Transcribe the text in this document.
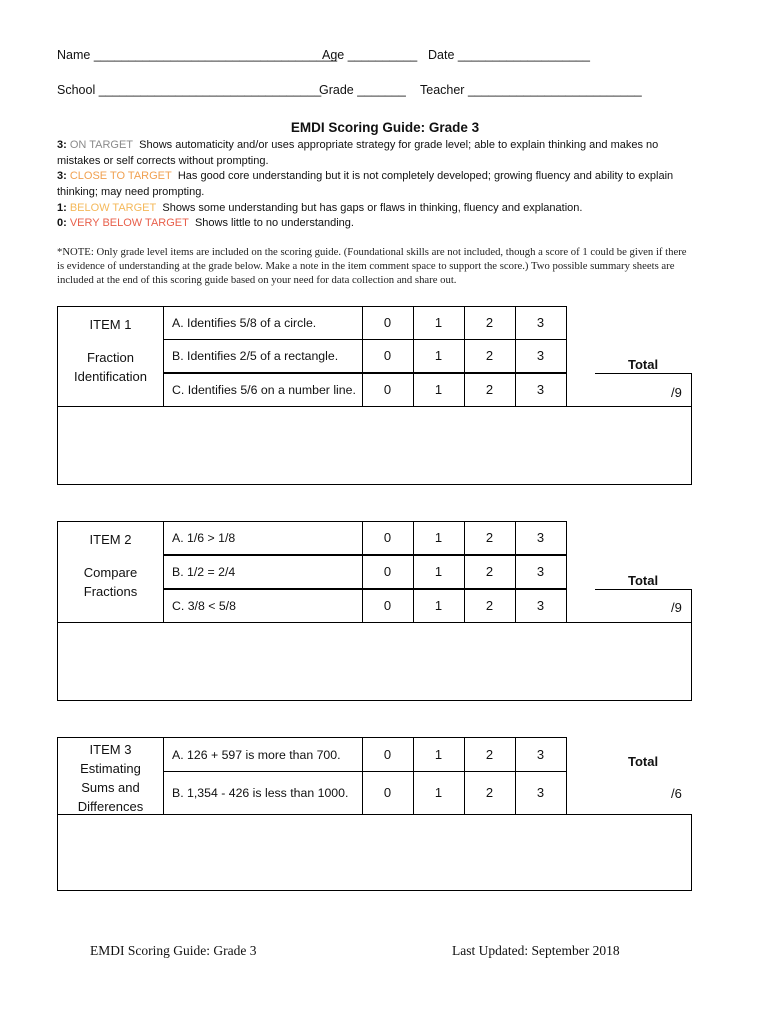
Name ___________________________________

Age __________

Date ___________________

School ________________________________

Grade _______

Teacher _________________________

EMDI Scoring Guide: Grade 3
3: ON TARGET Shows automaticity and/or uses appropriate strategy for grade level; able to explain thinking and makes no mistakes or self corrects without prompting.
3: CLOSE TO TARGET Has good core understanding but it is not completely developed; growing fluency and ability to explain thinking; may need prompting.
1: BELOW TARGET Shows some understanding but has gaps or flaws in thinking, fluency and explanation.
0: VERY BELOW TARGET Shows little to no understanding.
*NOTE: Only grade level items are included on the scoring guide. (Foundational skills are not included, though a score of 1 could be given if there is evidence of understanding at the grade below. Make a note in the item comment space to support the score.) Two possible summary sheets are included at the end of this scoring guide based on your need for data collection and share out.
ITEM 1
Fraction Identification
A. Identifies 5/8 of a circle.	0	1	2	3
B. Identifies 2/5 of a rectangle.	0	1	2	3
C. Identifies 5/6 on a number line.	0	1	2	3
Total
/9
ITEM 2
Compare Fractions
A. 1/6 > 1/8	0	1	2	3
B. 1/2 = 2/4	0	1	2	3
C. 3/8 < 5/8	0	1	2	3
Total
/9
ITEM 3
Estimating Sums and Differences
A. 126 + 597 is more than 700.	0	1	2	3
B. 1,354 - 426 is less than 1000.	0	1	2	3
Total
/6
EMDI Scoring Guide: Grade 3	Last Updated: September 2018
